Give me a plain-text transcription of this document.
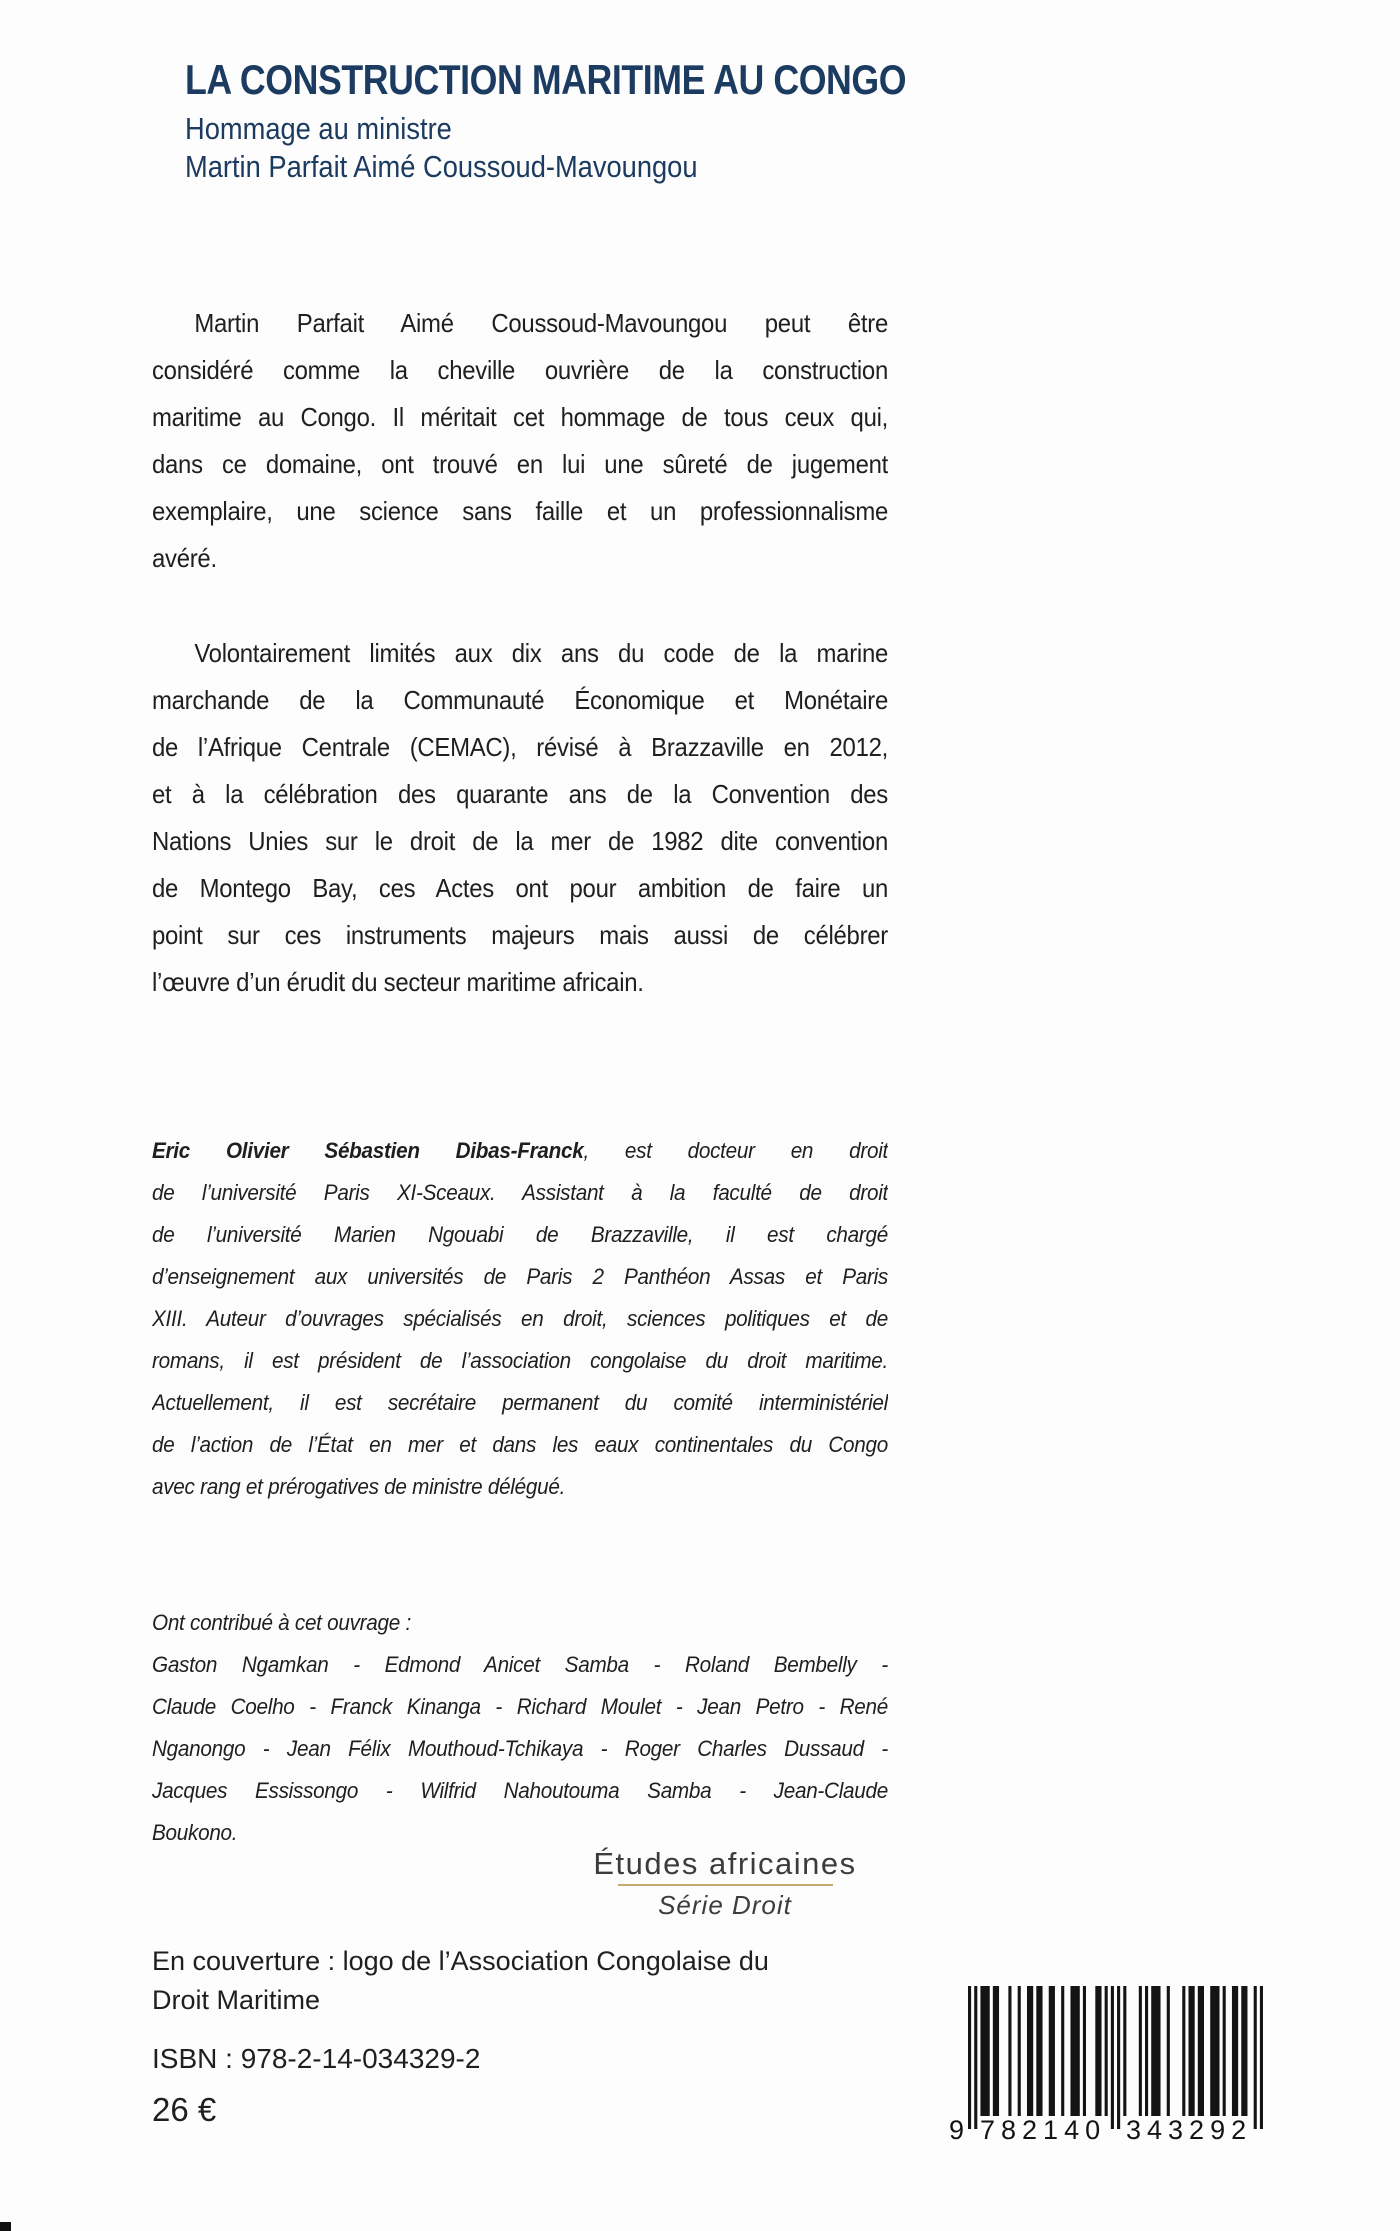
LA CONSTRUCTION MARITIME AU CONGO
Hommage au ministre
Martin Parfait Aimé Coussoud-Mavoungou
Martin Parfait Aimé Coussoud-Mavoungou peut être
considéré comme la cheville ouvrière de la construction
maritime au Congo. Il méritait cet hommage de tous ceux qui,
dans ce domaine, ont trouvé en lui une sûreté de jugement
exemplaire, une science sans faille et un professionnalisme
avéré.
Volontairement limités aux dix ans du code de la marine
marchande de la Communauté Économique et Monétaire
de l’Afrique Centrale (CEMAC), révisé à Brazzaville en 2012,
et à la célébration des quarante ans de la Convention des
Nations Unies sur le droit de la mer de 1982 dite convention
de Montego Bay, ces Actes ont pour ambition de faire un
point sur ces instruments majeurs mais aussi de célébrer
l’œuvre d’un érudit du secteur maritime africain.
Eric Olivier Sébastien Dibas-Franck, est docteur en droit
de l’université Paris XI-Sceaux. Assistant à la faculté de droit
de l’université Marien Ngouabi de Brazzaville, il est chargé
d’enseignement aux universités de Paris 2 Panthéon Assas et Paris
XIII. Auteur d’ouvrages spécialisés en droit, sciences politiques et de
romans, il est président de l’association congolaise du droit maritime.
Actuellement, il est secrétaire permanent du comité interministériel
de l’action de l’État en mer et dans les eaux continentales du Congo
avec rang et prérogatives de ministre délégué.
Ont contribué à cet ouvrage :
Gaston Ngamkan - Edmond Anicet Samba - Roland Bembelly -
Claude Coelho - Franck Kinanga - Richard Moulet - Jean Petro - René
Nganongo - Jean Félix Mouthoud-Tchikaya - Roger Charles Dussaud -
Jacques Essissongo - Wilfrid Nahoutouma Samba - Jean-Claude
Boukono.
Études africaines
Série Droit
En couverture : logo de l’Association Congolaise du
Droit Maritime
ISBN : 978-2-14-034329-2
26 €
9 782140 343292
